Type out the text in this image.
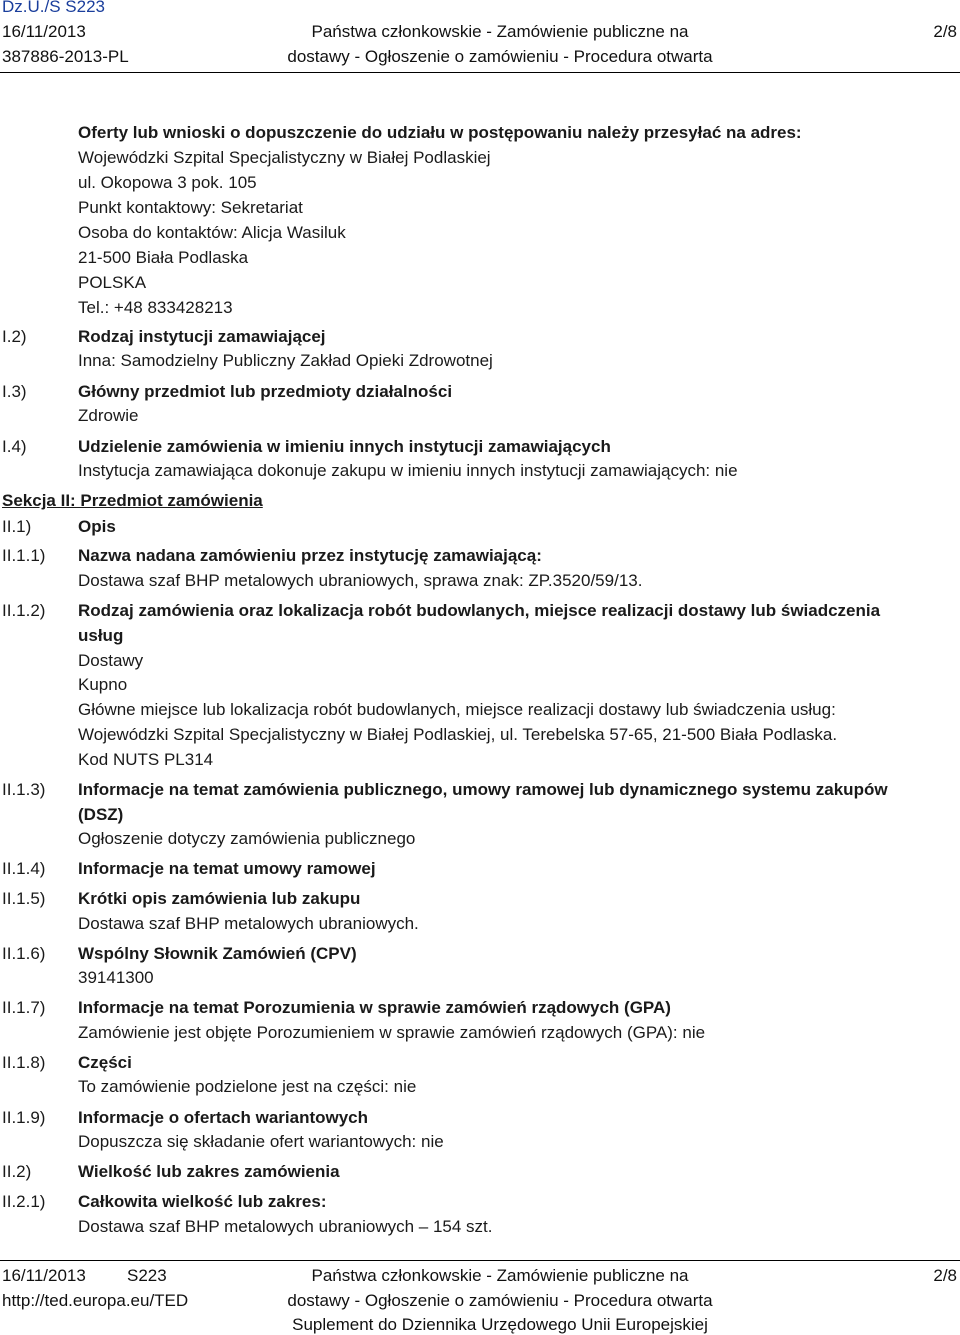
Dz.U./S S223
16/11/2013
387886-2013-PL
Państwa członkowskie - Zamówienie publiczne na
dostawy - Ogłoszenie o zamówieniu - Procedura otwarta
2/8
Oferty lub wnioski o dopuszczenie do udziału w postępowaniu należy przesyłać na adres:
Wojewódzki Szpital Specjalistyczny w Białej Podlaskiej
ul. Okopowa 3 pok. 105
Punkt kontaktowy: Sekretariat
Osoba do kontaktów: Alicja Wasiluk
21-500 Biała Podlaska
POLSKA
Tel.: +48 833428213
I.2)	Rodzaj instytucji zamawiającej
Inna: Samodzielny Publiczny Zakład Opieki Zdrowotnej
I.3)	Główny przedmiot lub przedmioty działalności
Zdrowie
I.4)	Udzielenie zamówienia w imieniu innych instytucji zamawiających
Instytucja zamawiająca dokonuje zakupu w imieniu innych instytucji zamawiających: nie
Sekcja II: Przedmiot zamówienia
II.1)	Opis
II.1.1) Nazwa nadana zamówieniu przez instytucję zamawiającą:
Dostawa szaf BHP metalowych ubraniowych, sprawa znak: ZP.3520/59/13.
II.1.2) Rodzaj zamówienia oraz lokalizacja robót budowlanych, miejsce realizacji dostawy lub świadczenia
usług
Dostawy
Kupno
Główne miejsce lub lokalizacja robót budowlanych, miejsce realizacji dostawy lub świadczenia usług:
Wojewódzki Szpital Specjalistyczny w Białej Podlaskiej, ul. Terebelska 57-65, 21-500 Biała Podlaska.
Kod NUTS PL314
II.1.3) Informacje na temat zamówienia publicznego, umowy ramowej lub dynamicznego systemu zakupów
(DSZ)
Ogłoszenie dotyczy zamówienia publicznego
II.1.4) Informacje na temat umowy ramowej
II.1.5) Krótki opis zamówienia lub zakupu
Dostawa szaf BHP metalowych ubraniowych.
II.1.6) Wspólny Słownik Zamówień (CPV)
39141300
II.1.7) Informacje na temat Porozumienia w sprawie zamówień rządowych (GPA)
Zamówienie jest objęte Porozumieniem w sprawie zamówień rządowych (GPA): nie
II.1.8) Części
To zamówienie podzielone jest na części: nie
II.1.9) Informacje o ofertach wariantowych
Dopuszcza się składanie ofert wariantowych: nie
II.2)	Wielkość lub zakres zamówienia
II.2.1) Całkowita wielkość lub zakres:
Dostawa szaf BHP metalowych ubraniowych – 154 szt.
16/11/2013 S223
http://ted.europa.eu/TED
Państwa członkowskie - Zamówienie publiczne na
dostawy - Ogłoszenie o zamówieniu - Procedura otwarta
Suplement do Dziennika Urzędowego Unii Europejskiej
2/8
